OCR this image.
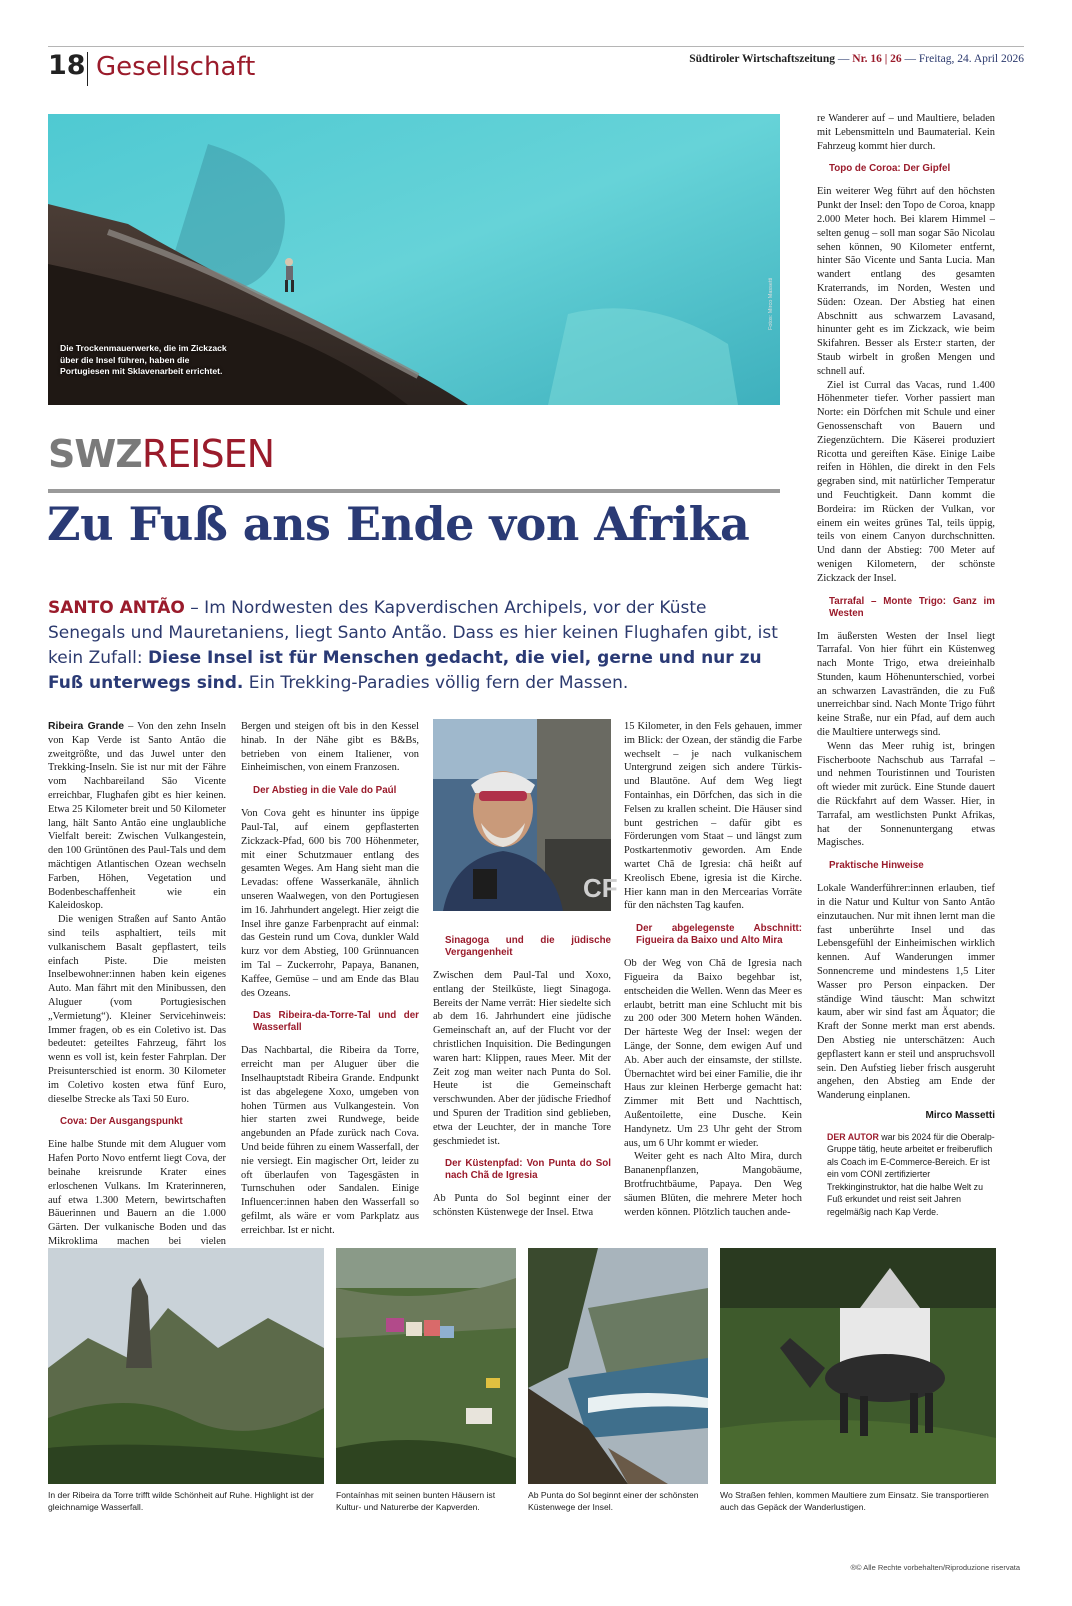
18 Gesellschaft	Südtiroler Wirtschaftszeitung — Nr. 16 | 26 — Freitag, 24. April 2026
Die Trockenmauerwerke, die im Zickzack über die Insel führen, haben die Portugiesen mit Sklavenarbeit errichtet.
Fotos: Mirco Massetti
SWZREISEN
Zu Fuß ans Ende von Afrika
SANTO ANTÃO – Im Nordwesten des Kapverdischen Archipels, vor der Küste Senegals und Mauretaniens, liegt Santo Antão. Dass es hier keinen Flughafen gibt, ist kein Zufall: Diese Insel ist für Menschen gedacht, die viel, gerne und nur zu Fuß unterwegs sind. Ein Trekking-Paradies völlig fern der Massen.

Ribeira Grande – Von den zehn Inseln von Kap Verde ist Santo Antão die zweitgrößte, und das Juwel unter den Trekking-Inseln. Sie ist nur mit der Fähre vom Nachbareiland São Vicente erreichbar, Flughafen gibt es hier keinen. Etwa 25 Kilometer breit und 50 Kilometer lang, hält Santo Antão eine unglaubliche Vielfalt bereit: Zwischen Vulkangestein, den 100 Grüntönen des Paul-Tals und dem mächtigen Atlantischen Ozean wechseln Farben, Höhen, Vegetation und Bodenbeschaffenheit wie ein Kaleidoskop.

Die wenigen Straßen auf Santo Antão sind teils asphaltiert, teils mit vulkanischem Basalt gepflastert, teils einfach Piste. Die meisten Inselbewohner:innen haben kein eigenes Auto. Man fährt mit den Minibussen, den Aluguer (vom Portugiesischen „Vermietung“). Kleiner Servicehinweis: Immer fragen, ob es ein Coletivo ist. Das bedeutet: geteiltes Fahrzeug, fährt los wenn es voll ist, kein fester Fahrplan. Der Preisunterschied ist enorm. 30 Kilometer im Coletivo kosten etwa fünf Euro, dieselbe Strecke als Taxi 50 Euro.

Cova: Der Ausgangspunkt

Eine halbe Stunde mit dem Aluguer vom Hafen Porto Novo entfernt liegt Cova, der beinahe kreisrunde Krater eines erloschenen Vulkans. Im Kraterinneren, auf etwa 1.300 Metern, bewirtschaften Bäuerinnen und Bauern an die 1.000 Gärten. Der vulkanische Boden und das Mikroklima machen bei vielen

Bergen und steigen oft bis in den Kessel hinab. In der Nähe gibt es B&Bs, betrieben von einem Italiener, von Einheimischen, von einem Franzosen.

Der Abstieg in die Vale do Paúl

Von Cova geht es hinunter ins üppige Paul-Tal, auf einem gepflasterten Zickzack-Pfad, 600 bis 700 Höhenmeter, mit einer Schutzmauer entlang des gesamten Weges. Am Hang sieht man die Levadas: offene Wasserkanäle, ähnlich unseren Waalwegen, von den Portugiesen im 16. Jahrhundert angelegt. Hier zeigt die Insel ihre ganze Farbenpracht auf einmal: das Gestein rund um Cova, dunkler Wald kurz vor dem Abstieg, 100 Grünnuancen im Tal – Zuckerrohr, Papaya, Bananen, Kaffee, Gemüse – und am Ende das Blau des Ozeans.

Das Ribeira-da-Torre-Tal und der Wasserfall

Das Nachbartal, die Ribeira da Torre, erreicht man per Aluguer über die Inselhauptstadt Ribeira Grande. Endpunkt ist das abgelegene Xoxo, umgeben von hohen Türmen aus Vulkangestein. Von hier starten zwei Rundwege, beide angebunden an Pfade zurück nach Cova. Und beide führen zu einem Wasserfall, der nie versiegt. Ein magischer Ort, leider zu oft überlaufen von Tagesgästen in Turnschuhen oder Sandalen. Einige Influencer:innen haben den Wasserfall so gefilmt, als wäre er vom Parkplatz aus erreichbar. Ist er nicht.

CF
Sinagoga und die jüdische Vergangenheit

Zwischen dem Paul-Tal und Xoxo, entlang der Steilküste, liegt Sinagoga. Bereits der Name verrät: Hier siedelte sich ab dem 16. Jahrhundert eine jüdische Gemeinschaft an, auf der Flucht vor der christlichen Inquisition. Die Bedingungen waren hart: Klippen, raues Meer. Mit der Zeit zog man weiter nach Punta do Sol. Heute ist die Gemeinschaft verschwunden. Aber der jüdische Friedhof und Spuren der Tradition sind geblieben, etwa der Leuchter, der in manche Tore geschmiedet ist.

Der Küstenpfad: Von Punta do Sol nach Chã de Igresia

Ab Punta do Sol beginnt einer der schönsten Küstenwege der Insel. Etwa

15 Kilometer, in den Fels gehauen, immer im Blick: der Ozean, der ständig die Farbe wechselt – je nach vulkanischem Untergrund zeigen sich andere Türkis- und Blautöne. Auf dem Weg liegt Fontainhas, ein Dörfchen, das sich in die Felsen zu krallen scheint. Die Häuser sind bunt gestrichen – dafür gibt es Förderungen vom Staat – und längst zum Postkartenmotiv geworden. Am Ende wartet Chã de Igresia: chã heißt auf Kreolisch Ebene, igresia ist die Kirche. Hier kann man in den Mercearias Vorräte für den nächsten Tag kaufen.

Der abgelegenste Abschnitt: Figueira da Baixo und Alto Mira

Ob der Weg von Chã de Igresia nach Figueira da Baixo begehbar ist, entscheiden die Wellen. Wenn das Meer es erlaubt, betritt man eine Schlucht mit bis zu 200 oder 300 Metern hohen Wänden. Der härteste Weg der Insel: wegen der Länge, der Sonne, dem ewigen Auf und Ab. Aber auch der einsamste, der stillste. Übernachtet wird bei einer Familie, die ihr Haus zur kleinen Herberge gemacht hat: Zimmer mit Bett und Nachttisch, Außentoilette, eine Dusche. Kein Handynetz. Um 23 Uhr geht der Strom aus, um 6 Uhr kommt er wieder.

Weiter geht es nach Alto Mira, durch Bananenpflanzen, Mangobäume, Brotfruchtbäume, Papaya. Den Weg säumen Blüten, die mehrere Meter hoch werden können. Plötzlich tauchen ande-

re Wanderer auf – und Maultiere, beladen mit Lebensmitteln und Baumaterial. Kein Fahrzeug kommt hier durch.

Topo de Coroa: Der Gipfel

Ein weiterer Weg führt auf den höchsten Punkt der Insel: den Topo de Coroa, knapp 2.000 Meter hoch. Bei klarem Himmel – selten genug – soll man sogar São Nicolau sehen können, 90 Kilometer entfernt, hinter São Vicente und Santa Lucia. Man wandert entlang des gesamten Kraterrands, im Norden, Westen und Süden: Ozean. Der Abstieg hat einen Abschnitt aus schwarzem Lavasand, hinunter geht es im Zickzack, wie beim Skifahren. Besser als Erste:r starten, der Staub wirbelt in großen Mengen und schnell auf.

Ziel ist Curral das Vacas, rund 1.400 Höhenmeter tiefer. Vorher passiert man Norte: ein Dörfchen mit Schule und einer Genossenschaft von Bauern und Ziegenzüchtern. Die Käserei produziert Ricotta und gereiften Käse. Einige Laibe reifen in Höhlen, die direkt in den Fels gegraben sind, mit natürlicher Temperatur und Feuchtigkeit. Dann kommt die Bordeira: im Rücken der Vulkan, vor einem ein weites grünes Tal, teils üppig, teils von einem Canyon durchschnitten. Und dann der Abstieg: 700 Meter auf wenigen Kilometern, der schönste Zickzack der Insel.

Tarrafal – Monte Trigo: Ganz im Westen

Im äußersten Westen der Insel liegt Tarrafal. Von hier führt ein Küstenweg nach Monte Trigo, etwa dreieinhalb Stunden, kaum Höhenunterschied, vorbei an schwarzen Lavastränden, die zu Fuß unerreichbar sind. Nach Monte Trigo führt keine Straße, nur ein Pfad, auf dem auch die Maultiere unterwegs sind.

Wenn das Meer ruhig ist, bringen Fischerboote Nachschub aus Tarrafal – und nehmen Touristinnen und Touristen oft wieder mit zurück. Eine Stunde dauert die Rückfahrt auf dem Wasser. Hier, in Tarrafal, am westlichsten Punkt Afrikas, hat der Sonnenuntergang etwas Magisches.

Praktische Hinweise

Lokale Wanderführer:innen erlauben, tief in die Natur und Kultur von Santo Antão einzutauchen. Nur mit ihnen lernt man die fast unberührte Insel und das Lebensgefühl der Einheimischen wirklich kennen. Auf Wanderungen immer Sonnencreme und mindestens 1,5 Liter Wasser pro Person einpacken. Der ständige Wind täuscht: Man schwitzt kaum, aber wir sind fast am Äquator; die Kraft der Sonne merkt man erst abends. Den Abstieg nie unterschätzen: Auch gepflastert kann er steil und anspruchsvoll sein. Den Aufstieg lieber frisch ausgeruht angehen, den Abstieg am Ende der Wanderung einplanen.

Mirco Massetti

DER AUTOR war bis 2024 für die Oberalp-Gruppe tätig, heute arbeitet er freiberuflich als Coach im E-Commerce-Bereich. Er ist ein vom CONI zertifizierter Trekkinginstruktor, hat die halbe Welt zu Fuß erkundet und reist seit Jahren regelmäßig nach Kap Verde.

In der Ribeira da Torre trifft wilde Schönheit auf Ruhe. Highlight ist der gleichnamige Wasserfall.
Fontaínhas mit seinen bunten Häusern ist Kultur- und Naturerbe der Kapverden.
Ab Punta do Sol beginnt einer der schönsten Küstenwege der Insel.
Wo Straßen fehlen, kommen Maultiere zum Einsatz. Sie transportieren auch das Gepäck der Wanderlustigen.
®© Alle Rechte vorbehalten/Riproduzione riservata
